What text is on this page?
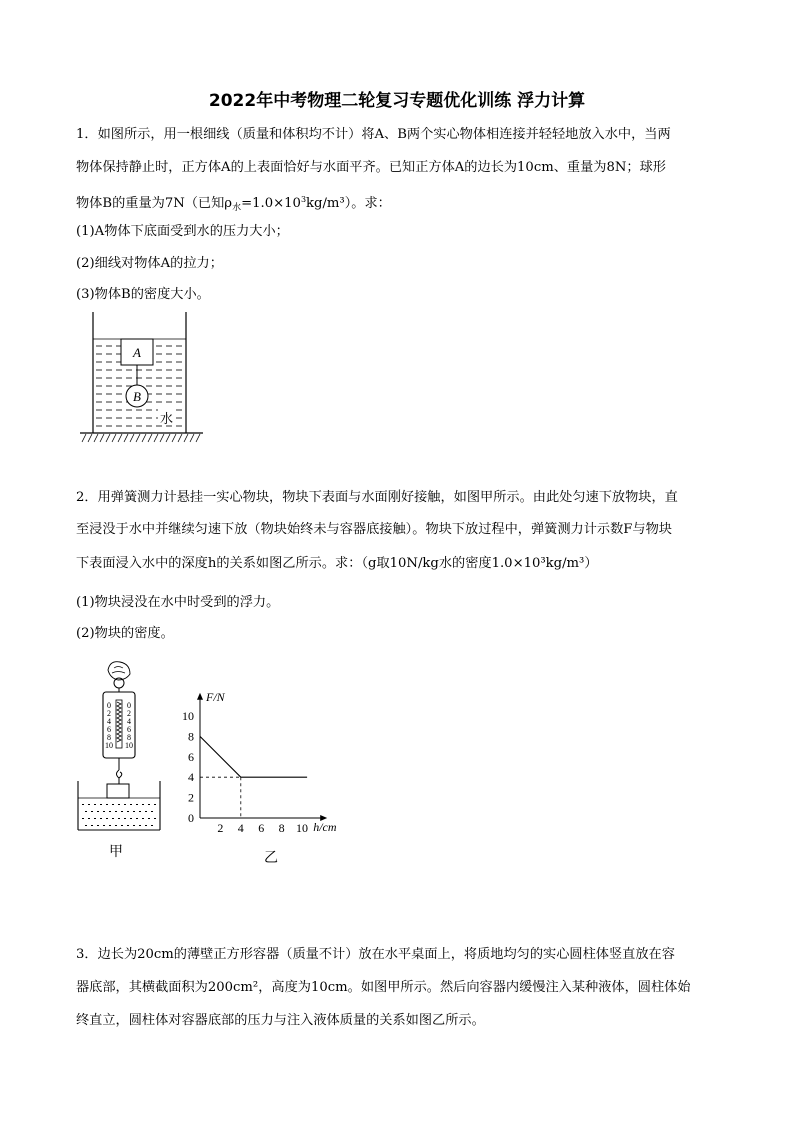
2022年中考物理二轮复习专题优化训练 浮力计算
1．如图所示，用一根细线（质量和体积均不计）将A、B两个实心物体相连接并轻轻地放入水中，当两
物体保持静止时，正方体A的上表面恰好与水面平齐。已知正方体A的边长为10cm、重量为8N；球形
物体B的重量为7N（已知$\rho_水=1.0\times 10^3kg/m^3$）。求：
(1)A物体下底面受到水的压力大小；
(2)细线对物体A的拉力；
(3)物体B的密度大小。
A
B
水
2．用弹簧测力计悬挂一实心物块，物块下表面与水面刚好接触，如图甲所示。由此处匀速下放物块，直
至浸没于水中并继续匀速下放（物块始终未与容器底接触）。物块下放过程中，弹簧测力计示数F与物块
下表面浸入水中的深度h的关系如图乙所示。求：（g取10N/kg水的密度1.0×10³kg/m³）
(1)物块浸没在水中时受到的浮力。
(2)物块的密度。
0
2
4
6
8
10
0
2
4
6
8
10
甲
F/N
h/cm
2 4 6 8 10
0
2
4
6
8
10
乙
3．边长为20cm的薄壁正方形容器（质量不计）放在水平桌面上，将质地均匀的实心圆柱体竖直放在容
器底部，其横截面积为200cm²，高度为10cm。如图甲所示。然后向容器内缓慢注入某种液体，圆柱体始
终直立，圆柱体对容器底部的压力与注入液体质量的关系如图乙所示。
